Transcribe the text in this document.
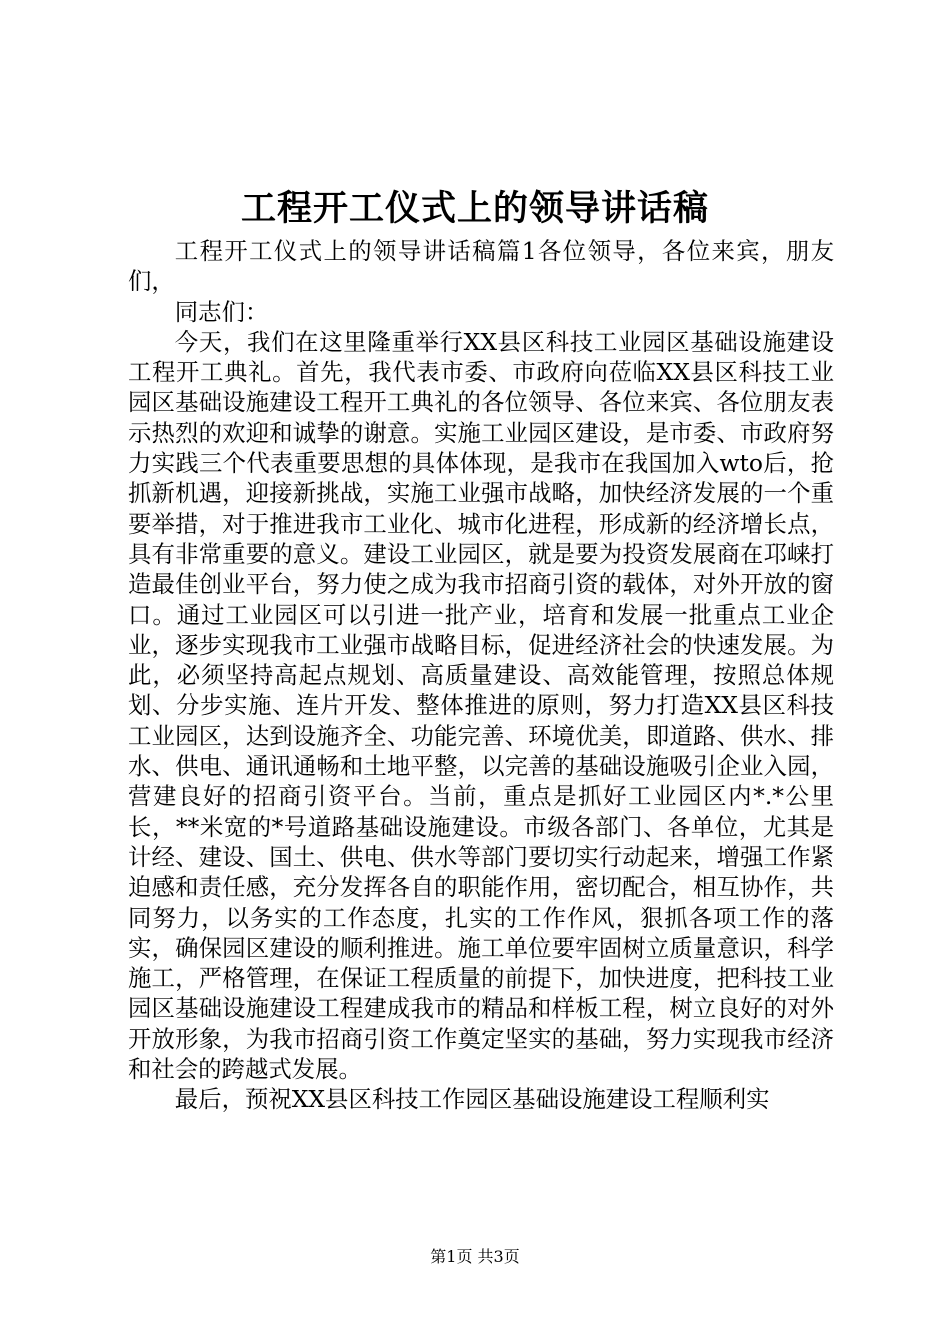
工程开工仪式上的领导讲话稿

工程开工仪式上的领导讲话稿篇1各位领导，各位来宾，朋友们，

同志们：

今天，我们在这里隆重举行XX县区科技工业园区基础设施建设工程开工典礼。首先，我代表市委、市政府向莅临XX县区科技工业园区基础设施建设工程开工典礼的各位领导、各位来宾、各位朋友表示热烈的欢迎和诚挚的谢意。实施工业园区建设，是市委、市政府努力实践三个代表重要思想的具体体现，是我市在我国加入wto后，抢抓新机遇，迎接新挑战，实施工业强市战略，加快经济发展的一个重要举措，对于推进我市工业化、城市化进程，形成新的经济增长点，具有非常重要的意义。建设工业园区，就是要为投资发展商在邛崃打造最佳创业平台，努力使之成为我市招商引资的载体，对外开放的窗口。通过工业园区可以引进一批产业，培育和发展一批重点工业企业，逐步实现我市工业强市战略目标，促进经济社会的快速发展。为此，必须坚持高起点规划、高质量建设、高效能管理，按照总体规划、分步实施、连片开发、整体推进的原则，努力打造XX县区科技工业园区，达到设施齐全、功能完善、环境优美，即道路、供水、排水、供电、通讯通畅和土地平整，以完善的基础设施吸引企业入园，营建良好的招商引资平台。当前，重点是抓好工业园区内*.*公里长，**米宽的*号道路基础设施建设。市级各部门、各单位，尤其是计经、建设、国土、供电、供水等部门要切实行动起来，增强工作紧迫感和责任感，充分发挥各自的职能作用，密切配合，相互协作，共同努力，以务实的工作态度，扎实的工作作风，狠抓各项工作的落实，确保园区建设的顺利推进。施工单位要牢固树立质量意识，科学施工，严格管理，在保证工程质量的前提下，加快进度，把科技工业园区基础设施建设工程建成我市的精品和样板工程，树立良好的对外开放形象，为我市招商引资工作奠定坚实的基础，努力实现我市经济和社会的跨越式发展。

最后，预祝XX县区科技工作园区基础设施建设工程顺利实

第1页 共3页
